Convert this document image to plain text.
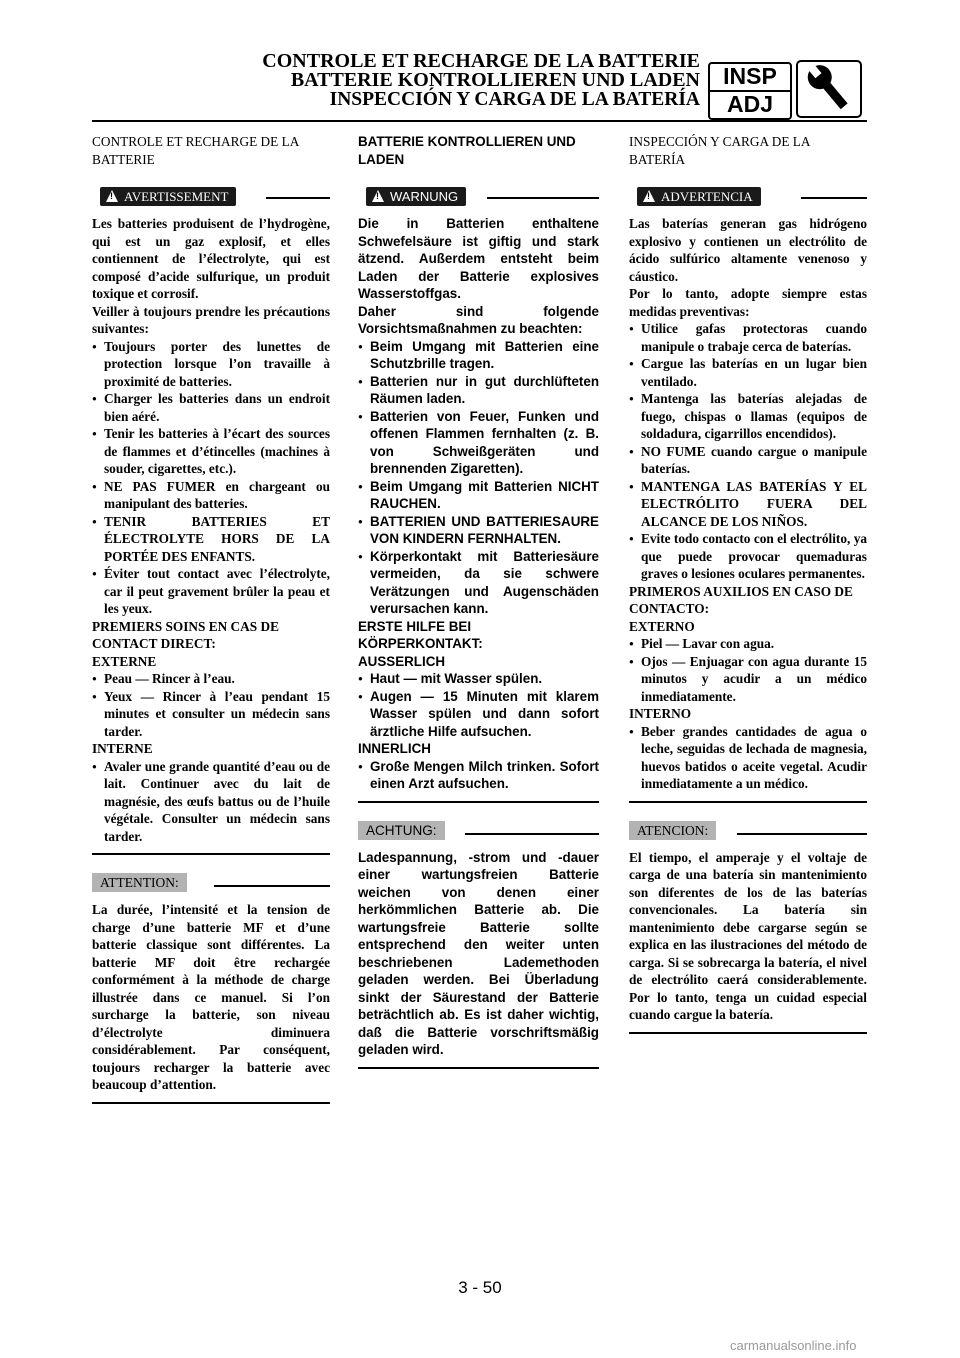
CONTROLE ET RECHARGE DE LA BATTERIE
BATTERIE KONTROLLIEREN UND LADEN
INSPECCIÓN Y CARGA DE LA BATERÍA
INSP
ADJ
CONTROLE ET RECHARGE DE LA BATTERIE
!
AVERTISSEMENT
Les batteries produisent de l’hydrogène, qui est un gaz explosif, et elles contiennent de l’électrolyte, qui est composé d’acide sulfurique, un produit toxique et corrosif.
Veiller à toujours prendre les précautions suivantes:
● Toujours porter des lunettes de protection lorsque l’on travaille à proximité de batteries.
● Charger les batteries dans un endroit bien aéré.
● Tenir les batteries à l’écart des sources de flammes et d’étincelles (machines à souder, cigarettes, etc.).
● NE PAS FUMER en chargeant ou manipulant des batteries.
● TENIR BATTERIES ET ÉLECTROLYTE HORS DE LA PORTÉE DES ENFANTS.
● Éviter tout contact avec l’électrolyte, car il peut gravement brûler la peau et les yeux.
PREMIERS SOINS EN CAS DE CONTACT DIRECT:
EXTERNE
● Peau — Rincer à l’eau.
● Yeux — Rincer à l’eau pendant 15 minutes et consulter un médecin sans tarder.
INTERNE
● Avaler une grande quantité d’eau ou de lait. Continuer avec du lait de magnésie, des œufs battus ou de l’huile végétale. Consulter un médecin sans tarder.
ATTENTION:
La durée, l’intensité et la tension de charge d’une batterie MF et d’une batterie classique sont différentes. La batterie MF doit être rechargée conformément à la méthode de charge illustrée dans ce manuel. Si l’on surcharge la batterie, son niveau d’électrolyte diminuera considérablement. Par conséquent, toujours recharger la batterie avec beaucoup d’attention.
BATTERIE KONTROLLIEREN UND LADEN
!
WARNUNG
Die in Batterien enthaltene Schwefelsäure ist giftig und stark ätzend. Außerdem entsteht beim Laden der Batterie explosives Wasserstoffgas.
Daher sind folgende Vorsichtsmaßnahmen zu beachten:
● Beim Umgang mit Batterien eine Schutzbrille tragen.
● Batterien nur in gut durchlüfteten Räumen laden.
● Batterien von Feuer, Funken und offenen Flammen fernhalten (z. B. von Schweißgeräten und brennenden Zigaretten).
● Beim Umgang mit Batterien NICHT RAUCHEN.
● BATTERIEN UND BATTERIESAURE VON KINDERN FERNHALTEN.
● Körperkontakt mit Batteriesäure vermeiden, da sie schwere Verätzungen und Augenschäden verursachen kann.
ERSTE HILFE BEI KÖRPERKONTAKT:
AUSSERLICH
● Haut — mit Wasser spülen.
● Augen — 15 Minuten mit klarem Wasser spülen und dann sofort ärztliche Hilfe aufsuchen.
INNERLICH
● Große Mengen Milch trinken. Sofort einen Arzt aufsuchen.
ACHTUNG:
Ladespannung, -strom und -dauer einer wartungsfreien Batterie weichen von denen einer herkömmlichen Batterie ab. Die wartungsfreie Batterie sollte entsprechend den weiter unten beschriebenen Lademethoden geladen werden. Bei Überladung sinkt der Säurestand der Batterie beträchtlich ab. Es ist daher wichtig, daß die Batterie vorschriftsmäßig geladen wird.
INSPECCIÓN Y CARGA DE LA BATERÍA
!
ADVERTENCIA
Las baterías generan gas hidrógeno explosivo y contienen un electrólito de ácido sulfúrico altamente venenoso y cáustico.
Por lo tanto, adopte siempre estas medidas preventivas:
● Utilice gafas protectoras cuando manipule o trabaje cerca de baterías.
● Cargue las baterías en un lugar bien ventilado.
● Mantenga las baterías alejadas de fuego, chispas o llamas (equipos de soldadura, cigarrillos encendidos).
● NO FUME cuando cargue o manipule baterías.
● MANTENGA LAS BATERÍAS Y EL ELECTRÓLITO FUERA DEL ALCANCE DE LOS NIÑOS.
● Evite todo contacto con el electrólito, ya que puede provocar quemaduras graves o lesiones oculares permanentes.
PRIMEROS AUXILIOS EN CASO DE CONTACTO:
EXTERNO
● Piel — Lavar con agua.
● Ojos — Enjuagar con agua durante 15 minutos y acudir a un médico inmediatamente.
INTERNO
● Beber grandes cantidades de agua o leche, seguidas de lechada de magnesia, huevos batidos o aceite vegetal. Acudir inmediatamente a un médico.
ATENCION:
El tiempo, el amperaje y el voltaje de carga de una batería sin mantenimiento son diferentes de los de las baterías convencionales. La batería sin mantenimiento debe cargarse según se explica en las ilustraciones del método de carga. Si se sobrecarga la batería, el nivel de electrólito caerá considerablemente. Por lo tanto, tenga un cuidad especial cuando cargue la batería.
3 - 50
carmanualsonline.info
